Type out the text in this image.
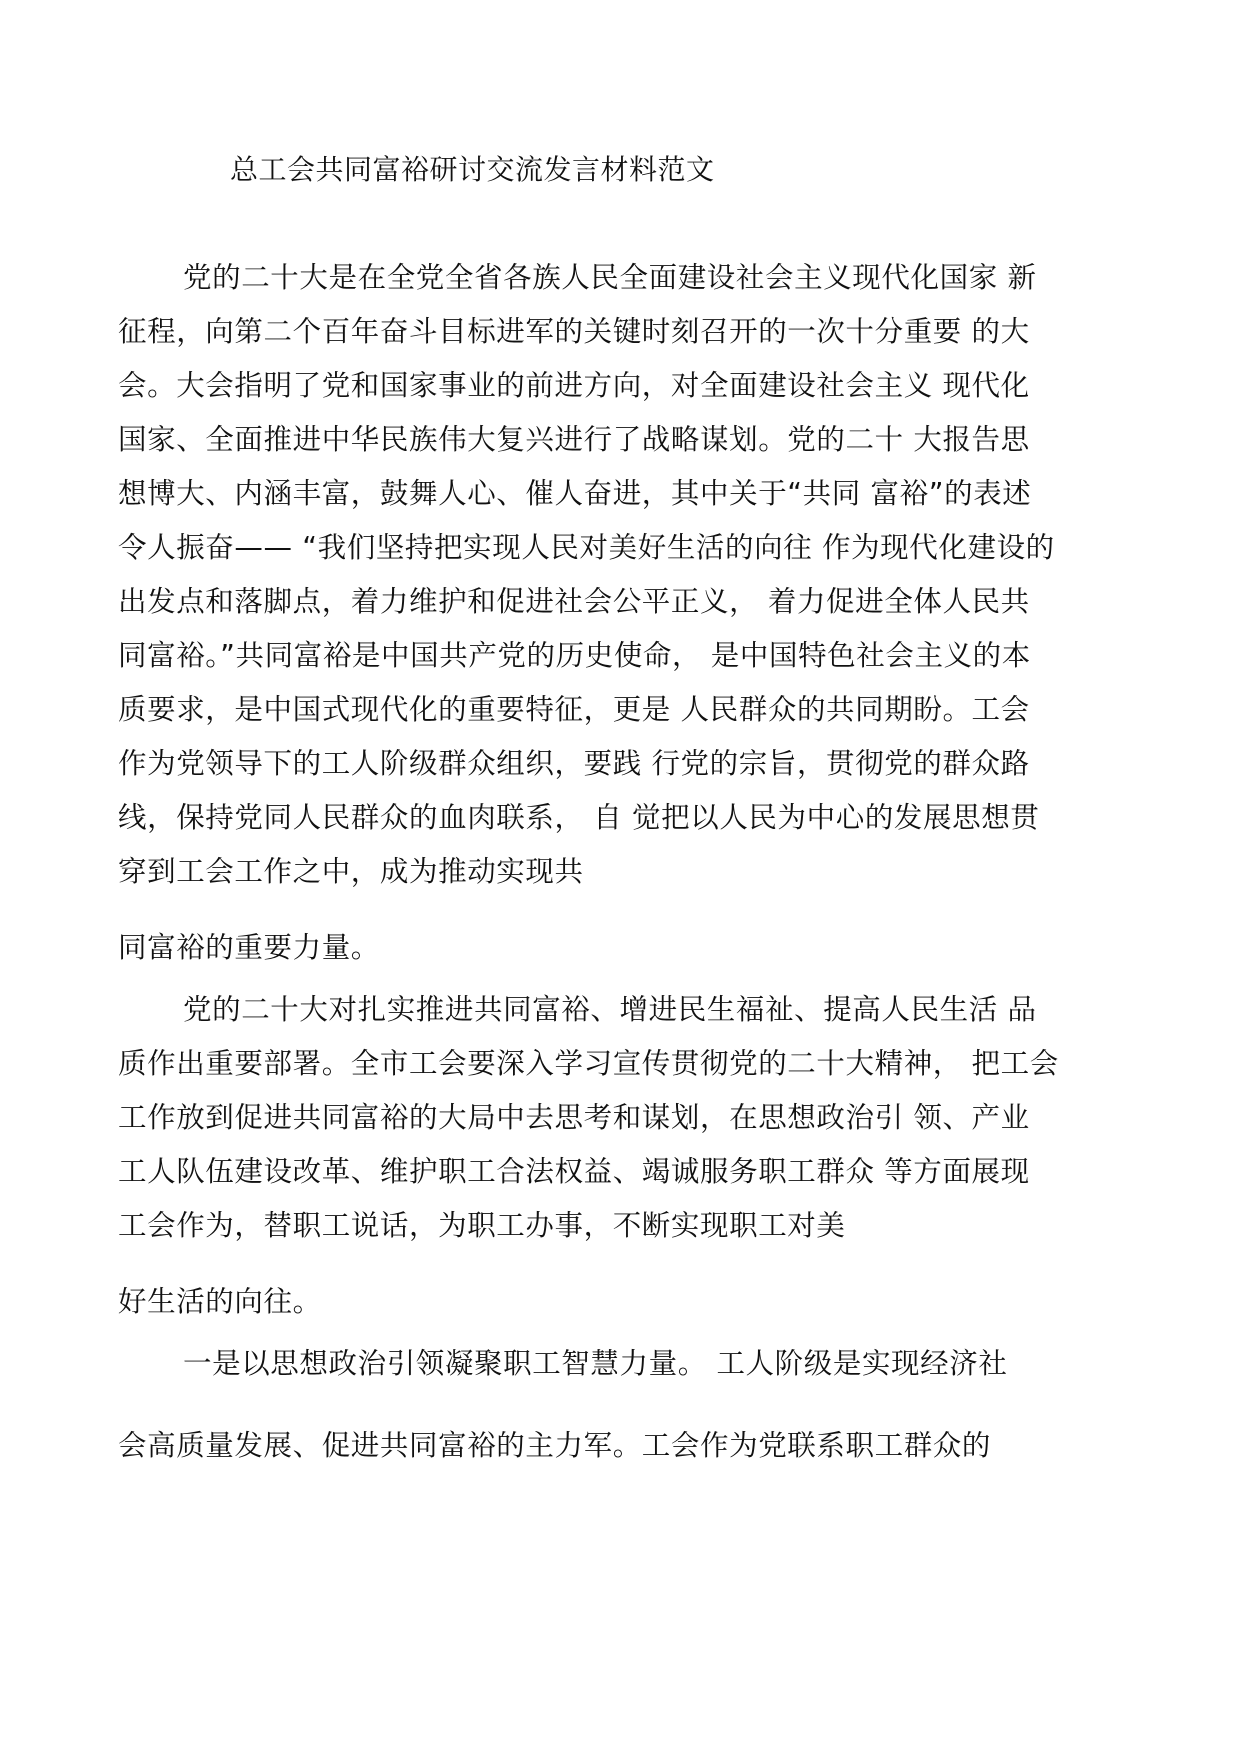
总工会共同富裕研讨交流发言材料范文
党的二十大是在全党全省各族人民全面建设社会主义现代化国家 新
征程，向第二个百年奋斗目标进军的关键时刻召开的一次十分重要 的大
会。大会指明了党和国家事业的前进方向，对全面建设社会主义 现代化
国家、全面推进中华民族伟大复兴进行了战略谋划。党的二十 大报告思
想博大、内涵丰富，鼓舞人心、催人奋进，其中关于“共同 富裕”的表述
令人振奋—— “我们坚持把实现人民对美好生活的向往 作为现代化建设的
出发点和落脚点，着力维护和促进社会公平正义， 着力促进全体人民共
同富裕。”共同富裕是中国共产党的历史使命， 是中国特色社会主义的本
质要求，是中国式现代化的重要特征，更是 人民群众的共同期盼。工会
作为党领导下的工人阶级群众组织，要践 行党的宗旨，贯彻党的群众路
线，保持党同人民群众的血肉联系， 自 觉把以人民为中心的发展思想贯
穿到工会工作之中，成为推动实现共
同富裕的重要力量。
党的二十大对扎实推进共同富裕、增进民生福祉、提高人民生活 品
质作出重要部署。全市工会要深入学习宣传贯彻党的二十大精神， 把工会
工作放到促进共同富裕的大局中去思考和谋划，在思想政治引 领、产业
工人队伍建设改革、维护职工合法权益、竭诚服务职工群众 等方面展现
工会作为，替职工说话，为职工办事，不断实现职工对美
好生活的向往。
一是以思想政治引领凝聚职工智慧力量。 工人阶级是实现经济社
会高质量发展、促进共同富裕的主力军。工会作为党联系职工群众的
